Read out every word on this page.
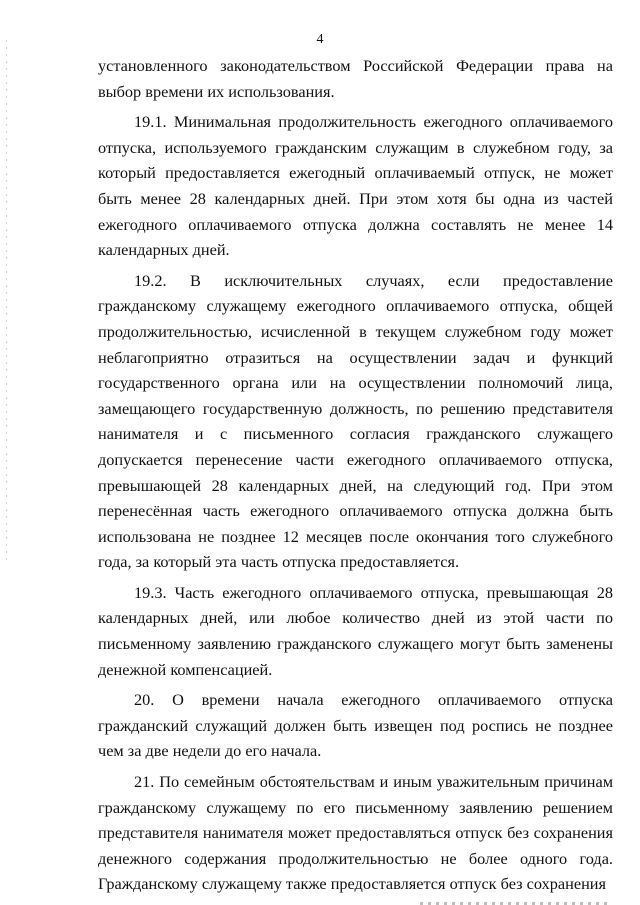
4

установленного законодательством Российской Федерации права на выбор времени их использования.

19.1. Минимальная продолжительность ежегодного оплачиваемого отпуска, используемого гражданским служащим в служебном году, за который предоставляется ежегодный оплачиваемый отпуск, не может быть менее 28 календарных дней. При этом хотя бы одна из частей ежегодного оплачиваемого отпуска должна составлять не менее 14 календарных дней.

19.2. В исключительных случаях, если предоставление гражданскому служащему ежегодного оплачиваемого отпуска, общей продолжительностью, исчисленной в текущем служебном году может неблагоприятно отразиться на осуществлении задач и функций государственного органа или на осуществлении полномочий лица, замещающего государственную должность, по решению представителя нанимателя и с письменного согласия гражданского служащего допускается перенесение части ежегодного оплачиваемого отпуска, превышающей 28 календарных дней, на следующий год. При этом перенесённая часть ежегодного оплачиваемого отпуска должна быть использована не позднее 12 месяцев после окончания того служебного года, за который эта часть отпуска предоставляется.

19.3. Часть ежегодного оплачиваемого отпуска, превышающая 28 календарных дней, или любое количество дней из этой части по письменному заявлению гражданского служащего могут быть заменены денежной компенсацией.

20. О времени начала ежегодного оплачиваемого отпуска гражданский служащий должен быть извещен под роспись не позднее чем за две недели до его начала.

21. По семейным обстоятельствам и иным уважительным причинам гражданскому служащему по его письменному заявлению решением представителя нанимателя может предоставляться отпуск без сохранения денежного содержания продолжительностью не более одного года. Гражданскому служащему также предоставляется отпуск без сохранения
